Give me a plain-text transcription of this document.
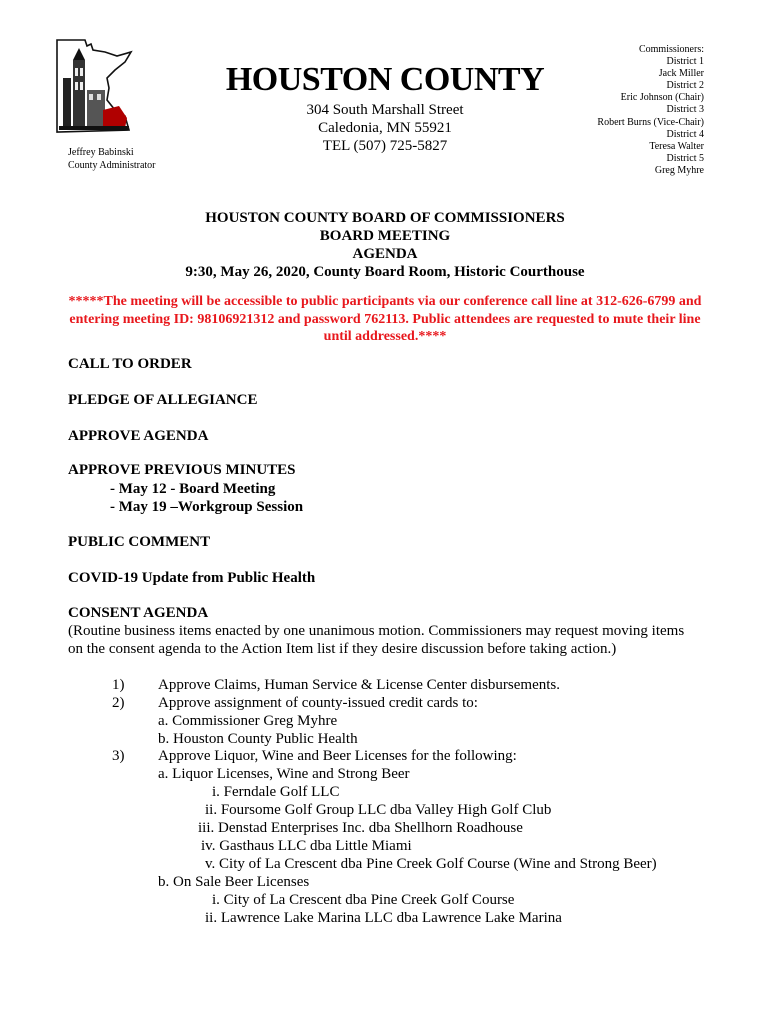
Jeffrey Babinski
County Administrator
HOUSTON COUNTY
304 South Marshall Street
Caledonia, MN 55921
TEL (507) 725-5827
Commissioners:
District 1
Jack Miller
District 2
Eric Johnson (Chair)
District 3
Robert Burns (Vice-Chair)
District 4
Teresa Walter
District 5
Greg Myhre
HOUSTON COUNTY BOARD OF COMMISSIONERS
BOARD MEETING
AGENDA
9:30, May 26, 2020, County Board Room, Historic Courthouse
*****The meeting will be accessible to public participants via our conference call line at 312-626-6799 and
entering meeting ID: 98106921312 and password 762113. Public attendees are requested to mute their line
until addressed.****
CALL TO ORDER
PLEDGE OF ALLEGIANCE
APPROVE AGENDA
APPROVE PREVIOUS MINUTES
- May 12 - Board Meeting
- May 19 –Workgroup Session
PUBLIC COMMENT
COVID-19 Update from Public Health
CONSENT AGENDA
(Routine business items enacted by one unanimous motion. Commissioners may request moving items
on the consent agenda to the Action Item list if they desire discussion before taking action.)
1) Approve Claims, Human Service & License Center disbursements.
2) Approve assignment of county-issued credit cards to:
a. Commissioner Greg Myhre
b. Houston County Public Health
3) Approve Liquor, Wine and Beer Licenses for the following:
a. Liquor Licenses, Wine and Strong Beer
i. Ferndale Golf LLC
ii. Foursome Golf Group LLC dba Valley High Golf Club
iii. Denstad Enterprises Inc. dba Shellhorn Roadhouse
iv. Gasthaus LLC dba Little Miami
v. City of La Crescent dba Pine Creek Golf Course (Wine and Strong Beer)
b. On Sale Beer Licenses
i. City of La Crescent dba Pine Creek Golf Course
ii. Lawrence Lake Marina LLC dba Lawrence Lake Marina
